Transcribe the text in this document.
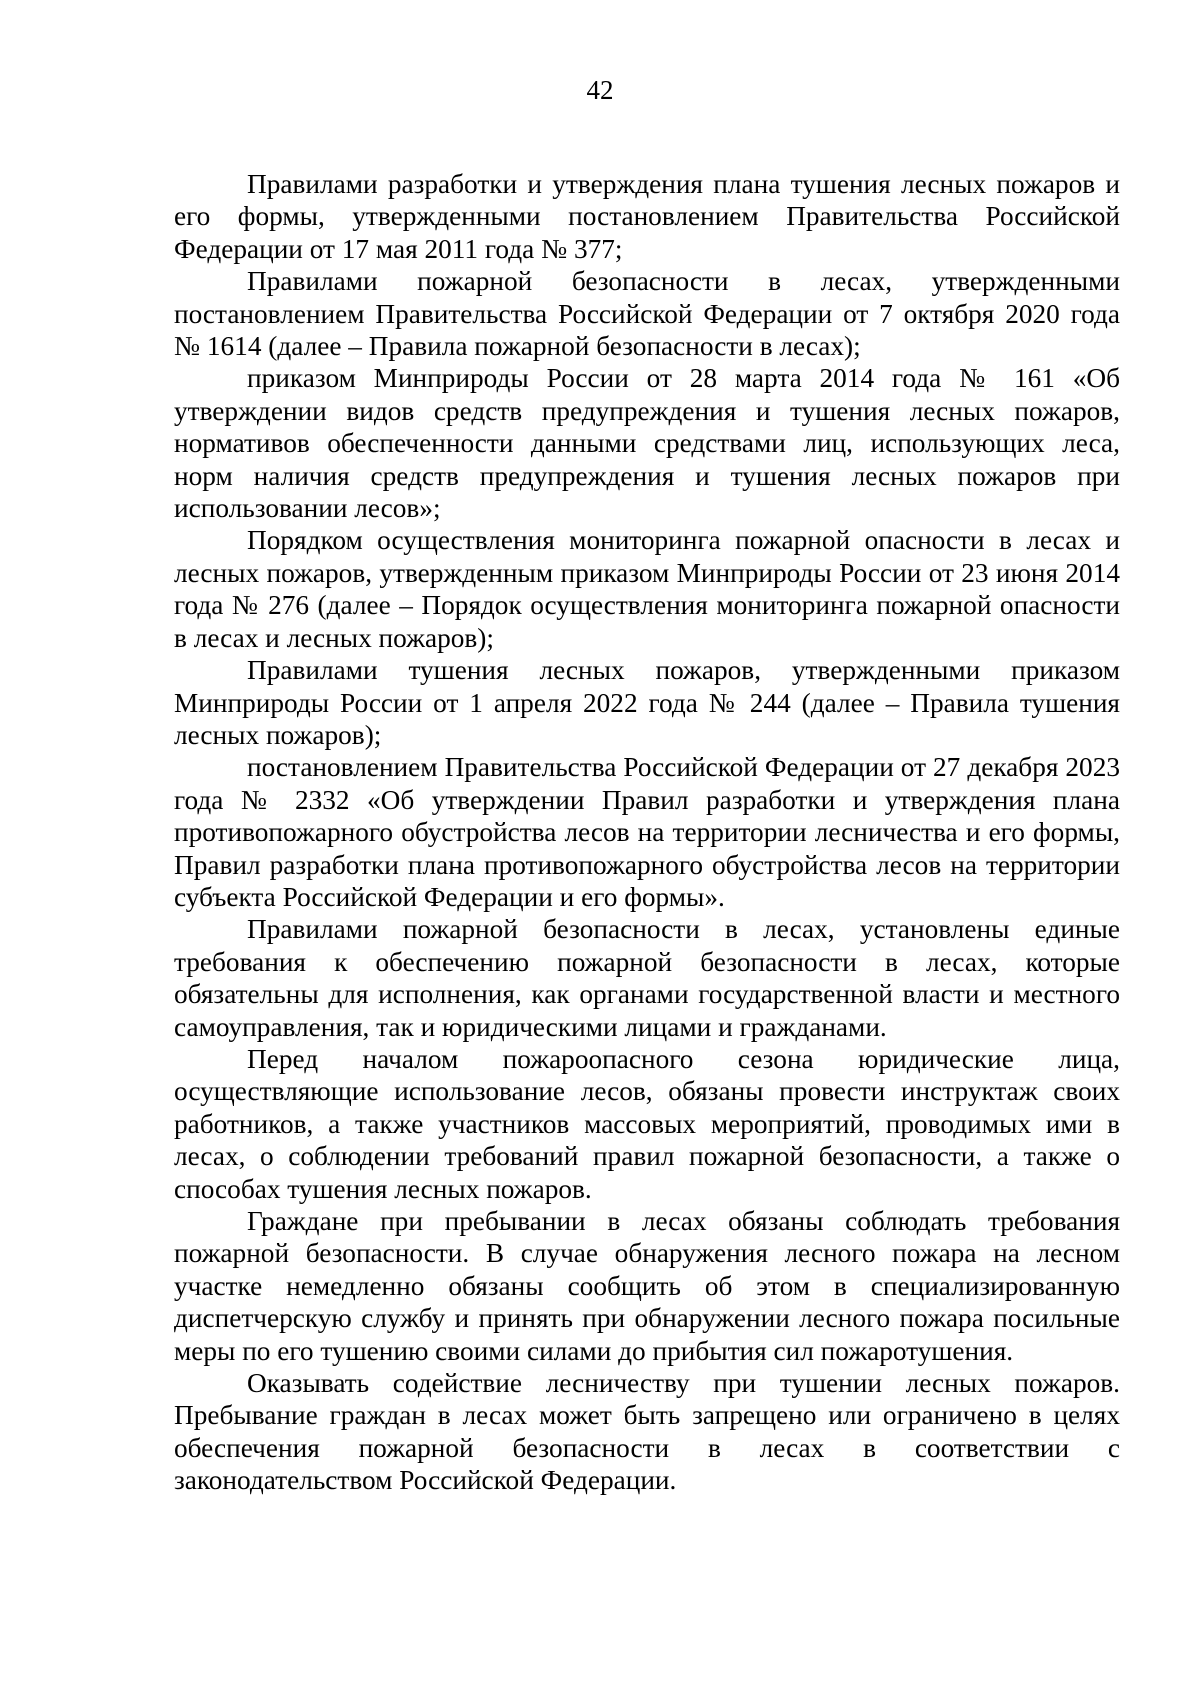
42

Правилами разработки и утверждения плана тушения лесных пожаров и его формы, утвержденными постановлением Правительства Российской Федерации от 17 мая 2011 года № 377;

Правилами пожарной безопасности в лесах, утвержденными постановлением Правительства Российской Федерации от 7 октября 2020 года № 1614 (далее – Правила пожарной безопасности в лесах);

приказом Минприроды России от 28 марта 2014 года № 161 «Об утверждении видов средств предупреждения и тушения лесных пожаров, нормативов обеспеченности данными средствами лиц, использующих леса, норм наличия средств предупреждения и тушения лесных пожаров при использовании лесов»;

Порядком осуществления мониторинга пожарной опасности в лесах и лесных пожаров, утвержденным приказом Минприроды России от 23 июня 2014 года № 276 (далее – Порядок осуществления мониторинга пожарной опасности в лесах и лесных пожаров);

Правилами тушения лесных пожаров, утвержденными приказом Минприроды России от 1 апреля 2022 года № 244 (далее – Правила тушения лесных пожаров);

постановлением Правительства Российской Федерации от 27 декабря 2023 года № 2332 «Об утверждении Правил разработки и утверждения плана противопожарного обустройства лесов на территории лесничества и его формы, Правил разработки плана противопожарного обустройства лесов на территории субъекта Российской Федерации и его формы».

Правилами пожарной безопасности в лесах, установлены единые требования к обеспечению пожарной безопасности в лесах, которые обязательны для исполнения, как органами государственной власти и местного самоуправления, так и юридическими лицами и гражданами.

Перед началом пожароопасного сезона юридические лица, осуществляющие использование лесов, обязаны провести инструктаж своих работников, а также участников массовых мероприятий, проводимых ими в лесах, о соблюдении требований правил пожарной безопасности, а также о способах тушения лесных пожаров.

Граждане при пребывании в лесах обязаны соблюдать требования пожарной безопасности. В случае обнаружения лесного пожара на лесном участке немедленно обязаны сообщить об этом в специализированную диспетчерскую службу и принять при обнаружении лесного пожара посильные меры по его тушению своими силами до прибытия сил пожаротушения.

Оказывать содействие лесничеству при тушении лесных пожаров. Пребывание граждан в лесах может быть запрещено или ограничено в целях обеспечения пожарной безопасности в лесах в соответствии с законодательством Российской Федерации.
